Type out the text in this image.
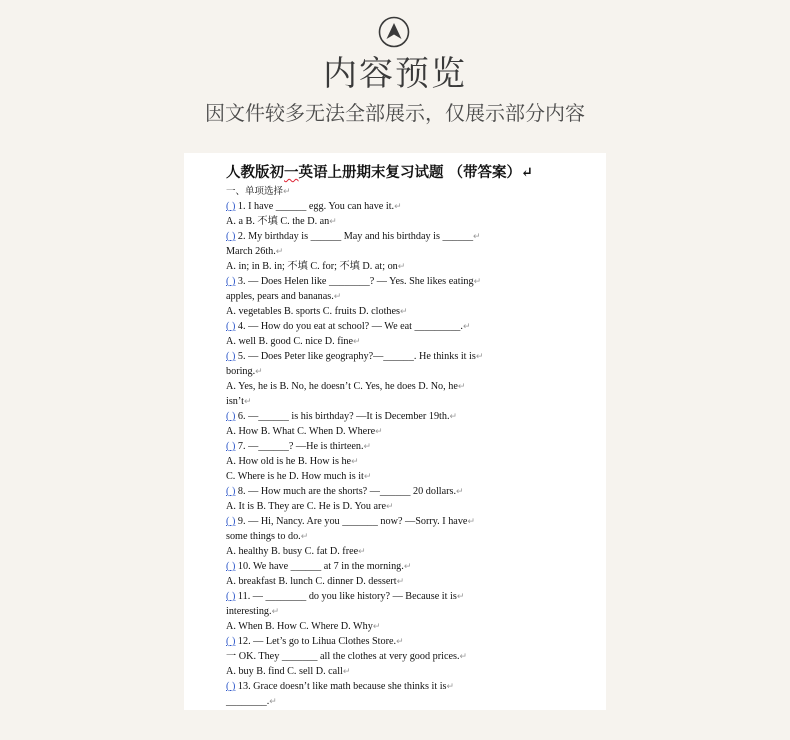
内容预览
因文件较多无法全部展示，仅展示部分内容
人教版初一英语上册期末复习试题 （带答案）↵
一、单项选择↵
( ) 1. I have ______ egg. You can have it.↵
A. a B. 不填 C. the D. an↵
( ) 2. My birthday is ______ May and his birthday is ______↵
March 26th.↵
A. in; in B. in; 不填 C. for; 不填 D. at; on↵
( ) 3. — Does Helen like ________? — Yes. She likes eating↵
apples, pears and bananas.↵
A. vegetables B. sports C. fruits D. clothes↵
( ) 4. — How do you eat at school? — We eat _________.↵
A. well B. good C. nice D. fine↵
( ) 5. — Does Peter like geography?—______. He thinks it is↵
boring.↵
A. Yes, he is B. No, he doesn’t C. Yes, he does D. No, he↵
isn’t↵
( ) 6. —______ is his birthday? —It is December 19th.↵
A. How B. What C. When D. Where↵
( ) 7. —______? —He is thirteen.↵
A. How old is he B. How is he↵
C. Where is he D. How much is it↵
( ) 8. — How much are the shorts? —______ 20 dollars.↵
A. It is B. They are C. He is D. You are↵
( ) 9. — Hi, Nancy. Are you _______ now? —Sorry. I have↵
some things to do.↵
A. healthy B. busy C. fat D. free↵
( ) 10. We have ______ at 7 in the morning.↵
A. breakfast B. lunch C. dinner D. dessert↵
( ) 11. — ________ do you like history? — Because it is↵
interesting.↵
A. When B. How C. Where D. Why↵
( ) 12. — Let’s go to Lihua Clothes Store.↵
一 OK. They _______ all the clothes at very good prices.↵
A. buy B. find C. sell D. call↵
( ) 13. Grace doesn’t like math because she thinks it is↵
________.↵
